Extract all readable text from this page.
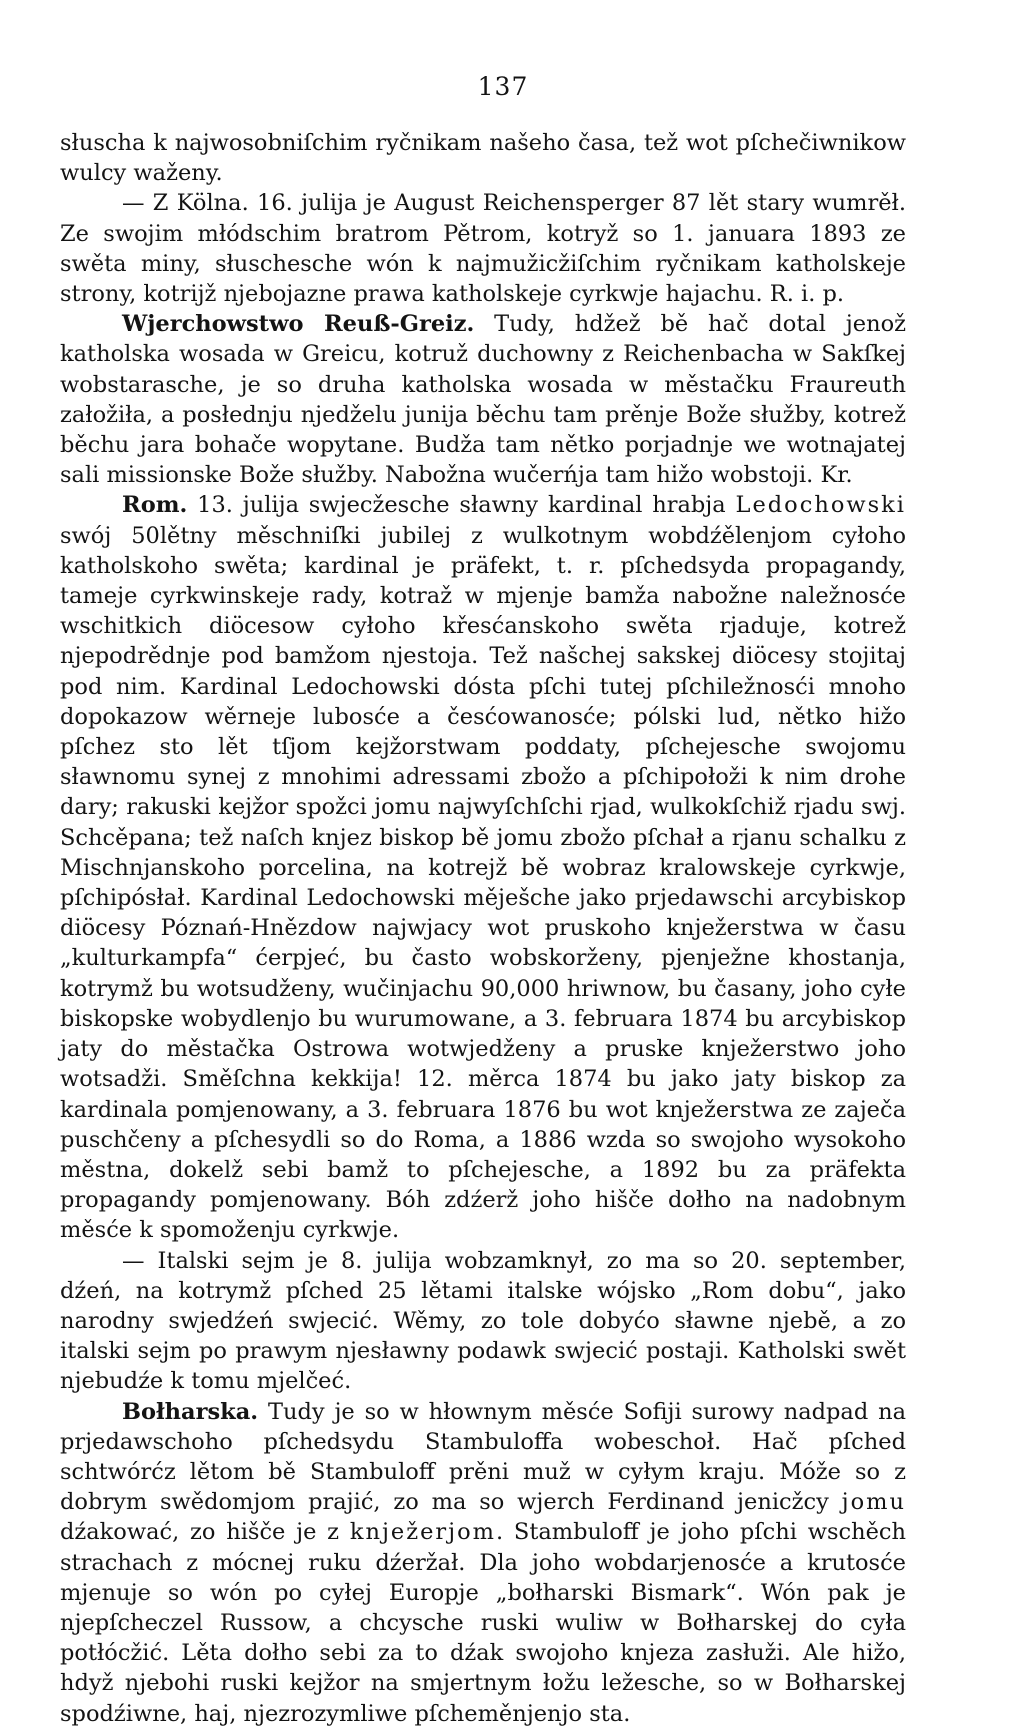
137

słuscha k najwosobniſchim ryčnikam našeho časa, tež wot pſchečiwnikow wulcy waženy.

— Z Kölna. 16. julija je August Reichensperger 87 lět stary wumrěł. Ze swojim młódschim bratrom Pětrom, kotryž so 1. januara 1893 ze swěta miny, słuschesche wón k najmužicžiſchim ryčnikam katholskeje strony, kotrijž njebojazne prawa katholskeje cyrkwje hajachu. R. i. p.

Wjerchowstwo Reuß-Greiz. Tudy, hdžež bě hač dotal jenož katholska wosada w Greicu, kotruž duchowny z Reichenbacha w Sakſkej wobstarasche, je so druha katholska wosada w městačku Fraureuth załožiła, a posłednju njedželu junija běchu tam prěnje Bože słužby, kotrež běchu jara bohače wopytane. Budža tam nětko porjadnje we wotnajatej sali missionske Bože słužby. Nabožna wučerńja tam hižo wobstoji. Kr.

Rom. 13. julija swjecžesche sławny kardinal hrabja Ledochowski swój 50lětny měschniſki jubilej z wulkotnym wobdźělenjom cyłoho katholskoho swěta; kardinal je präfekt, t. r. pſchedsyda propagandy, tameje cyrkwinskeje rady, kotraž w mjenje bamža nabožne naležnosće wschitkich diöcesow cyłoho křesćanskoho swěta rjaduje, kotrež njepodrědnje pod bamžom njestoja. Tež našchej sakskej diöcesy stojitaj pod nim. Kardinal Ledochowski dósta pſchi tutej pſchiležnosći mnoho dopokazow wěrneje lubosće a česćowanosće; pólski lud, nětko hižo pſchez sto lět tſjom kejžorstwam poddaty, pſchejesche swojomu sławnomu synej z mnohimi adressami zbožo a pſchipołoži k nim drohe dary; rakuski kejžor spožci jomu najwyſchſchi rjad, wulkokſchiž rjadu swj. Schcěpana; tež naſch knjez biskop bě jomu zbožo pſchał a rjanu schalku z Mischnjanskoho porcelina, na kotrejž bě wobraz kralowskeje cyrkwje, pſchipósłał. Kardinal Ledochowski měješche jako prjedawschi arcybiskop diöcesy Póznań-Hnězdow najwjacy wot pruskoho knježerstwa w času „kulturkampfa“ ćerpjeć, bu často wobskorženy, pjenježne khostanja, kotrymž bu wotsudženy, wučinjachu 90,000 hriwnow, bu časany, joho cyłe biskopske wobydlenjo bu wurumowane, a 3. februara 1874 bu arcybiskop jaty do městačka Ostrowa wotwjedženy a pruske knježerstwo joho wotsadži. Směſchna kekkija! 12. měrca 1874 bu jako jaty biskop za kardinala pomjenowany, a 3. februara 1876 bu wot knježerstwa ze zaječa puschčeny a pſchesydli so do Roma, a 1886 wzda so swojoho wysokoho městna, dokelž sebi bamž to pſchejesche, a 1892 bu za präfekta propagandy pomjenowany. Bóh zdźerž joho hišče dołho na nadobnym měsće k spomoženju cyrkwje.

— Italski sejm je 8. julija wobzamknył, zo ma so 20. september, dźeń, na kotrymž pſched 25 lětami italske wójsko „Rom dobu“, jako narodny swjedźeń swjecić. Wěmy, zo tole dobyćo sławne njebě, a zo italski sejm po prawym njesławny podawk swjecić postaji. Katholski swět njebudźe k tomu mjelčeć.

Bołharska. Tudy je so w hłownym měsće Sofiji surowy nadpad na prjedawschoho pſchedsydu Stambuloffa wobeschoł. Hač pſched schtwórćz lětom bě Stambuloff prěni muž w cyłym kraju. Móže so z dobrym swědomjom prajić, zo ma so wjerch Ferdinand jenicžcy jomu dźakować, zo hišče je z knježerjom. Stambuloff je joho pſchi wschěch strachach z mócnej ruku dźeržał. Dla joho wobdarjenosće a krutosće mjenuje so wón po cyłej Europje „bołharski Bismark“. Wón pak je njepſcheczel Russow, a chcysche ruski wuliw w Bołharskej do cyła potłócžić. Lěta dołho sebi za to dźak swojoho knjeza zasłuži. Ale hižo, hdyž njebohi ruski kejžor na smjertnym łožu ležesche, so w Bołharskej spodźiwne, haj, njezrozymliwe pſcheměnjenjo sta.
